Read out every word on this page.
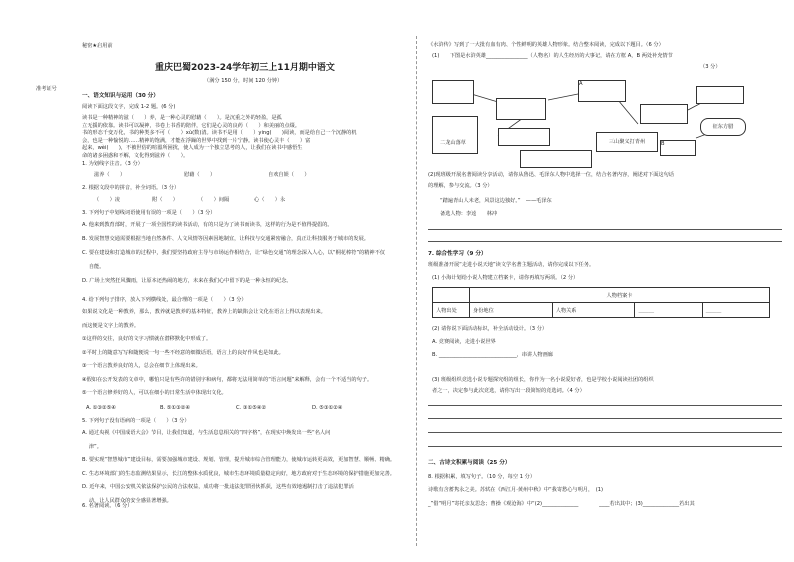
秘密★启用前
准考证号
重庆巴蜀2023-24学年初三上11月期中语文
（满分 150 分，时间 120 分钟）
一、语文知识与运用（30 分）
阅读下面这段文字，完成 1-2 题。(6 分)
读书是一种精神的滋（　　）养，是一种心灵的慰藉（　　）。是沉重之外的轻盈，是孤
立无援的依靠。读书可以凝神，书卷上书香的陪伴，它们是心灵的良药（　　）和美丽的点缀。
书的形态千变万化，书的种类多不可（　　）xù(数)清。读书不是用（　　）ying(　　)阅读，而是给自己一个沉静的机
会，也是一种愉悦的……精神的饱满，才能在浮躁的世界中找到一片宁静。读书使心灵丰（　　）富
起来，wèi(　　)，不被世俗的喧嚣所困扰，使人成为一个独立思考的人，让我们在读书中感悟生
命的诸多困惑和不解，文化得到滋养（　　）。
1. 为划线字注音。（3 分）
滋养（　　）	慰藉（　　）	自欢自娱（　　）
2. 根据文段中的拼音，补全词语。（3 分）
（　　）凌	附（　　）	（　　）间隔	心（　　）永
3. 下列句子中划线词语使用有误的一项是（　　）（3 分）
A. 他来到教育部时，开展了一项全国性的读书活动，有的只是为了读书而读书，这样的行为是不值得提倡的。
B. 发展智慧交通需要根据当地自然条件、人文风情等因素因地制宜，让科技与交通紧密融合，真正让科技服务于城市的发展。
C. 要在建设和打造城市的过程中，我们要坚持政府主导与市场运作相结合，让“绿色交通”的理念深入人心，以“桐花棒符”的精神不仅
　 自能。
D. 广场上突然狂风骤雨，让原本还热闹的地方，未来在我们心中留下的是一种永恒的纪念。
4. 给下列句子排序，放入下列横线处，最合理的一项是（　　）（3 分）
如果说文化是一种教养，那么，教养就是教养的基本特征，教养上的缺陷会让文化在语言上得以表现出来。
而这便是文字上的教养。
①这样的交往，良好的文字习惯就在潜移默化中形成了。
②平时上的随意写写和随便说一句一些不经意的细微话语，语言上的良好作风也是如此。
③一个语言教养良好的人，总会在细节上体现出来。
④假如在公开发表的文章中，哪怕只是有些许的错别字和病句，都将无法用简单的“语言问题”来解释，会有一个不适当的句子。
⑤一个语言修养好的人，可以在细小的日常生活中体现出文化。
A. ①③②⑤④	B. ⑤①③②④	C. ③①⑤④②	D. ⑤③①②④
5. 下列句子没有语病的一项是（　　）（3 分）
A. 通过央视《中国成语大会》节目，让我们知道，与生活息息相关的“四字格”，在现实中焕发出一些“名人问
　 津”。
B. 要实现“智慧城市”建设目标，需要加强城市建设、规划、管理，提升城市综合管理能力，使城市运转更高效，更加智慧、顺畅、精确。
C. 生态环境部门的生态监测结果显示，长江的整体水质优良，城市生态环境质量稳定向好，地方政府对于生态环境的保护措施更加完善。
D. 近年来，中国公安机关依法保护公民的合法权益，成功将一批违法犯罪团伙抓获，这些有效地遏制打击了违法犯罪活
　 动，让人民群众的安全感显著增强。
6. 名著阅读。（6 分）
《水浒传》写到了一大批有血有肉、个性鲜明的英雄人物形象。结合整本阅读，完成以下题目。（6 分）
(1)　　下图是水浒英雄________________（人物名）的人生经历的大事记，请在方框 A，B 两处补充情节
（3 分）
A
三山聚义打青州	B
征东方腊
二龙山落草
(2)现班级开展名著阅读分享活动，请你从鲁迅、毛泽东人物中选择一位，结合名著内容，阐述对下面这句话
的理解，参与交流。（3 分）
“踏遍青山人未老，风景这边独好。”　——毛泽东
备选人物：李逵　　林冲
7. 综合性学习（9 分）
班级准备开展“走进小说天地”读文学名著主题活动，请你完成以下任务。
(1) 小海计划给小说人物建立档案卡，请你再填写两项。（2 分）
	人物档案卡			
人物出处	身份地位	人物关系	＿＿＿	＿＿＿
(2) 请你说下面活动标识，补全活动设计。（3 分）
A. 竞赛阅读，走进小说世界
B. ______________________________，串讲人物画廊
(3) 班级组织竞选小说专题探究组的组长，你作为一名小说爱好者，也是学校小说阅读社团的组织
者之一，决定参与此次竞选，请你写出一段简短的竞选词。（4 分）
二、古诗文积累与阅读（25 分）
8. 根据积累，填写句子。（10 分，每空 1 分）
诗歌有含蓄隽永之美。苏轼在《西江月·黄州中秋》中“我寄愁心与明月，　(1)
_”借“明月”寄托亲友思念；曹操《观沧海》中“(2)______________　　　　____若出其中；(3)______________若出其
